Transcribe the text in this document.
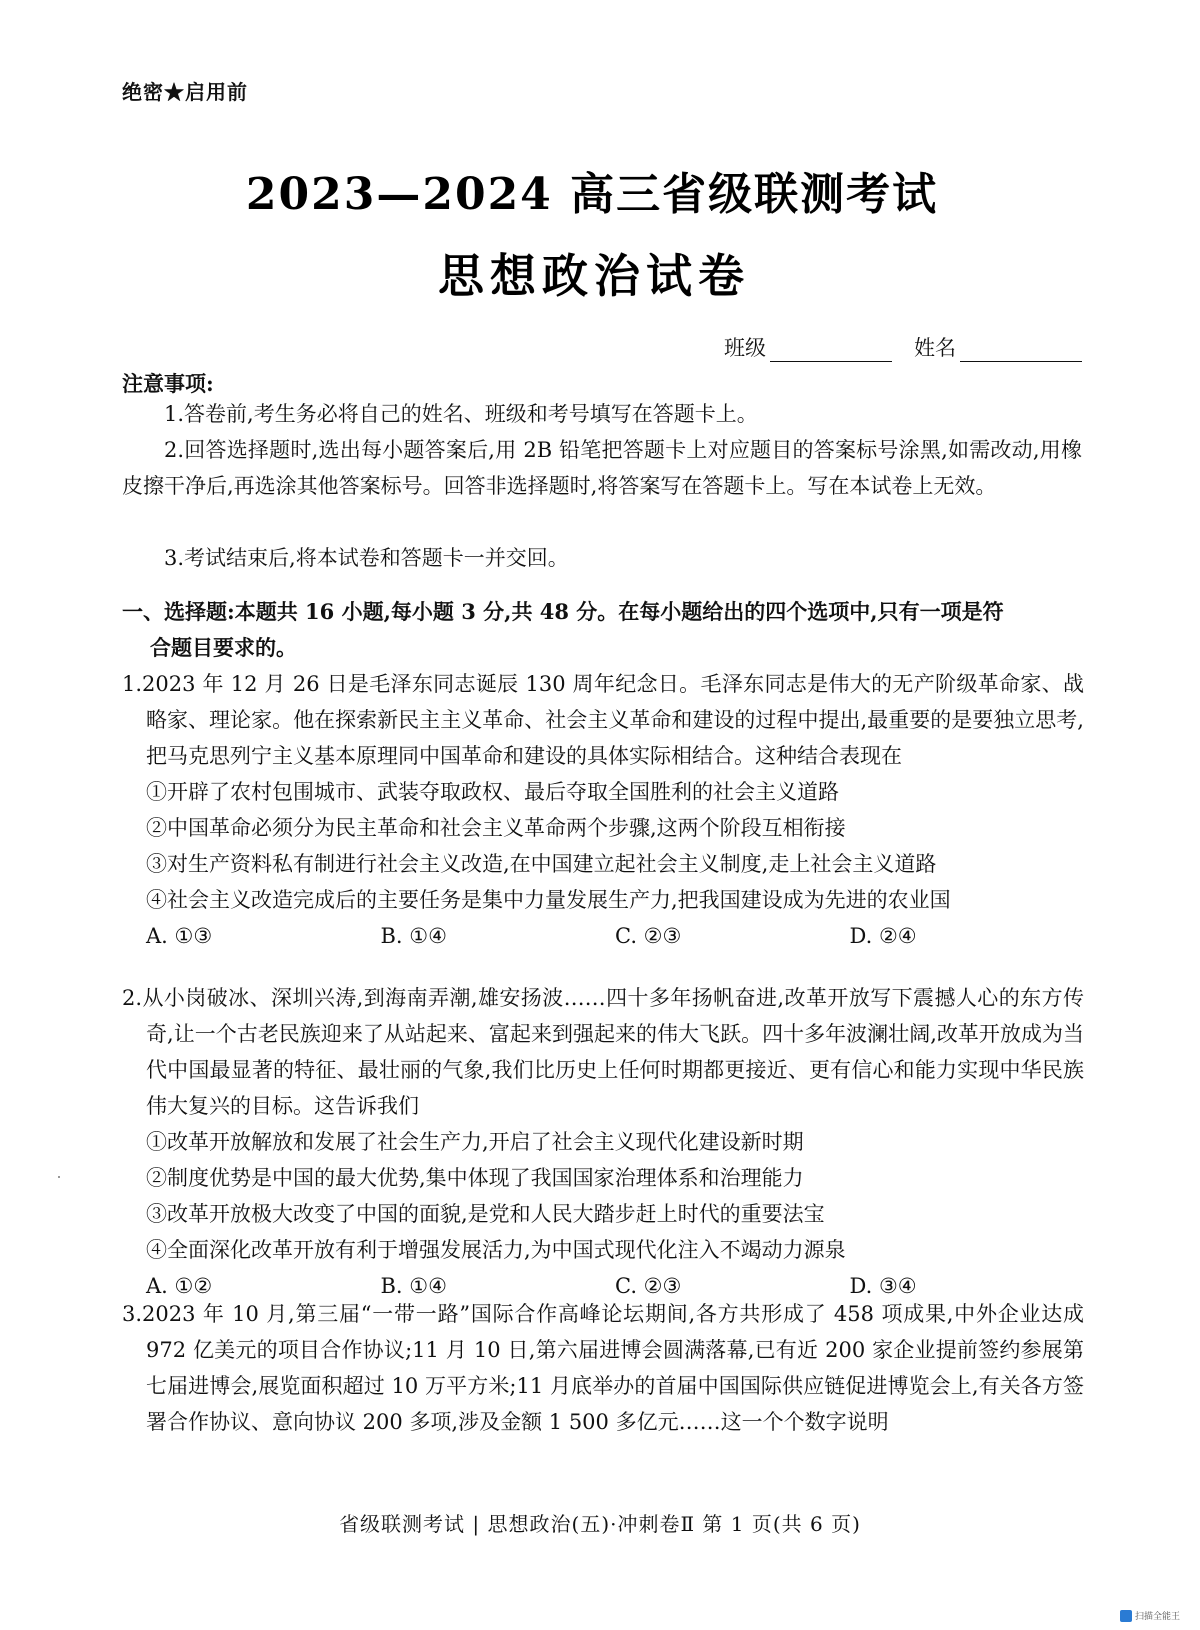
绝密★启用前
2023—2024 高三省级联测考试
思想政治试卷
班级	姓名
注意事项:
1.答卷前,考生务必将自己的姓名、班级和考号填写在答题卡上。
2.回答选择题时,选出每小题答案后,用 2B 铅笔把答题卡上对应题目的答案标号涂黑,如需改动,用橡皮擦干净后,再选涂其他答案标号。回答非选择题时,将答案写在答题卡上。写在本试卷上无效。
3.考试结束后,将本试卷和答题卡一并交回。
一、选择题:本题共 16 小题,每小题 3 分,共 48 分。在每小题给出的四个选项中,只有一项是符
合题目要求的。
1.2023 年 12 月 26 日是毛泽东同志诞辰 130 周年纪念日。毛泽东同志是伟大的无产阶级革命家、战略家、理论家。他在探索新民主主义革命、社会主义革命和建设的过程中提出,最重要的是要独立思考,把马克思列宁主义基本原理同中国革命和建设的具体实际相结合。这种结合表现在
①开辟了农村包围城市、武装夺取政权、最后夺取全国胜利的社会主义道路
②中国革命必须分为民主革命和社会主义革命两个步骤,这两个阶段互相衔接
③对生产资料私有制进行社会主义改造,在中国建立起社会主义制度,走上社会主义道路
④社会主义改造完成后的主要任务是集中力量发展生产力,把我国建设成为先进的农业国
A. ①③	B. ①④	C. ②③	D. ②④
2.从小岗破冰、深圳兴涛,到海南弄潮,雄安扬波……四十多年扬帆奋进,改革开放写下震撼人心的东方传奇,让一个古老民族迎来了从站起来、富起来到强起来的伟大飞跃。四十多年波澜壮阔,改革开放成为当代中国最显著的特征、最壮丽的气象,我们比历史上任何时期都更接近、更有信心和能力实现中华民族伟大复兴的目标。这告诉我们
①改革开放解放和发展了社会生产力,开启了社会主义现代化建设新时期
②制度优势是中国的最大优势,集中体现了我国国家治理体系和治理能力
③改革开放极大改变了中国的面貌,是党和人民大踏步赶上时代的重要法宝
④全面深化改革开放有利于增强发展活力,为中国式现代化注入不竭动力源泉
A. ①②	B. ①④	C. ②③	D. ③④
3.2023 年 10 月,第三届“一带一路”国际合作高峰论坛期间,各方共形成了 458 项成果,中外企业达成 972 亿美元的项目合作协议;11 月 10 日,第六届进博会圆满落幕,已有近 200 家企业提前签约参展第七届进博会,展览面积超过 10 万平方米;11 月底举办的首届中国国际供应链促进博览会上,有关各方签署合作协议、意向协议 200 多项,涉及金额 1 500 多亿元……这一个个数字说明
省级联测考试 | 思想政治(五)·冲刺卷Ⅱ 第 1 页(共 6 页)
扫描全能王
